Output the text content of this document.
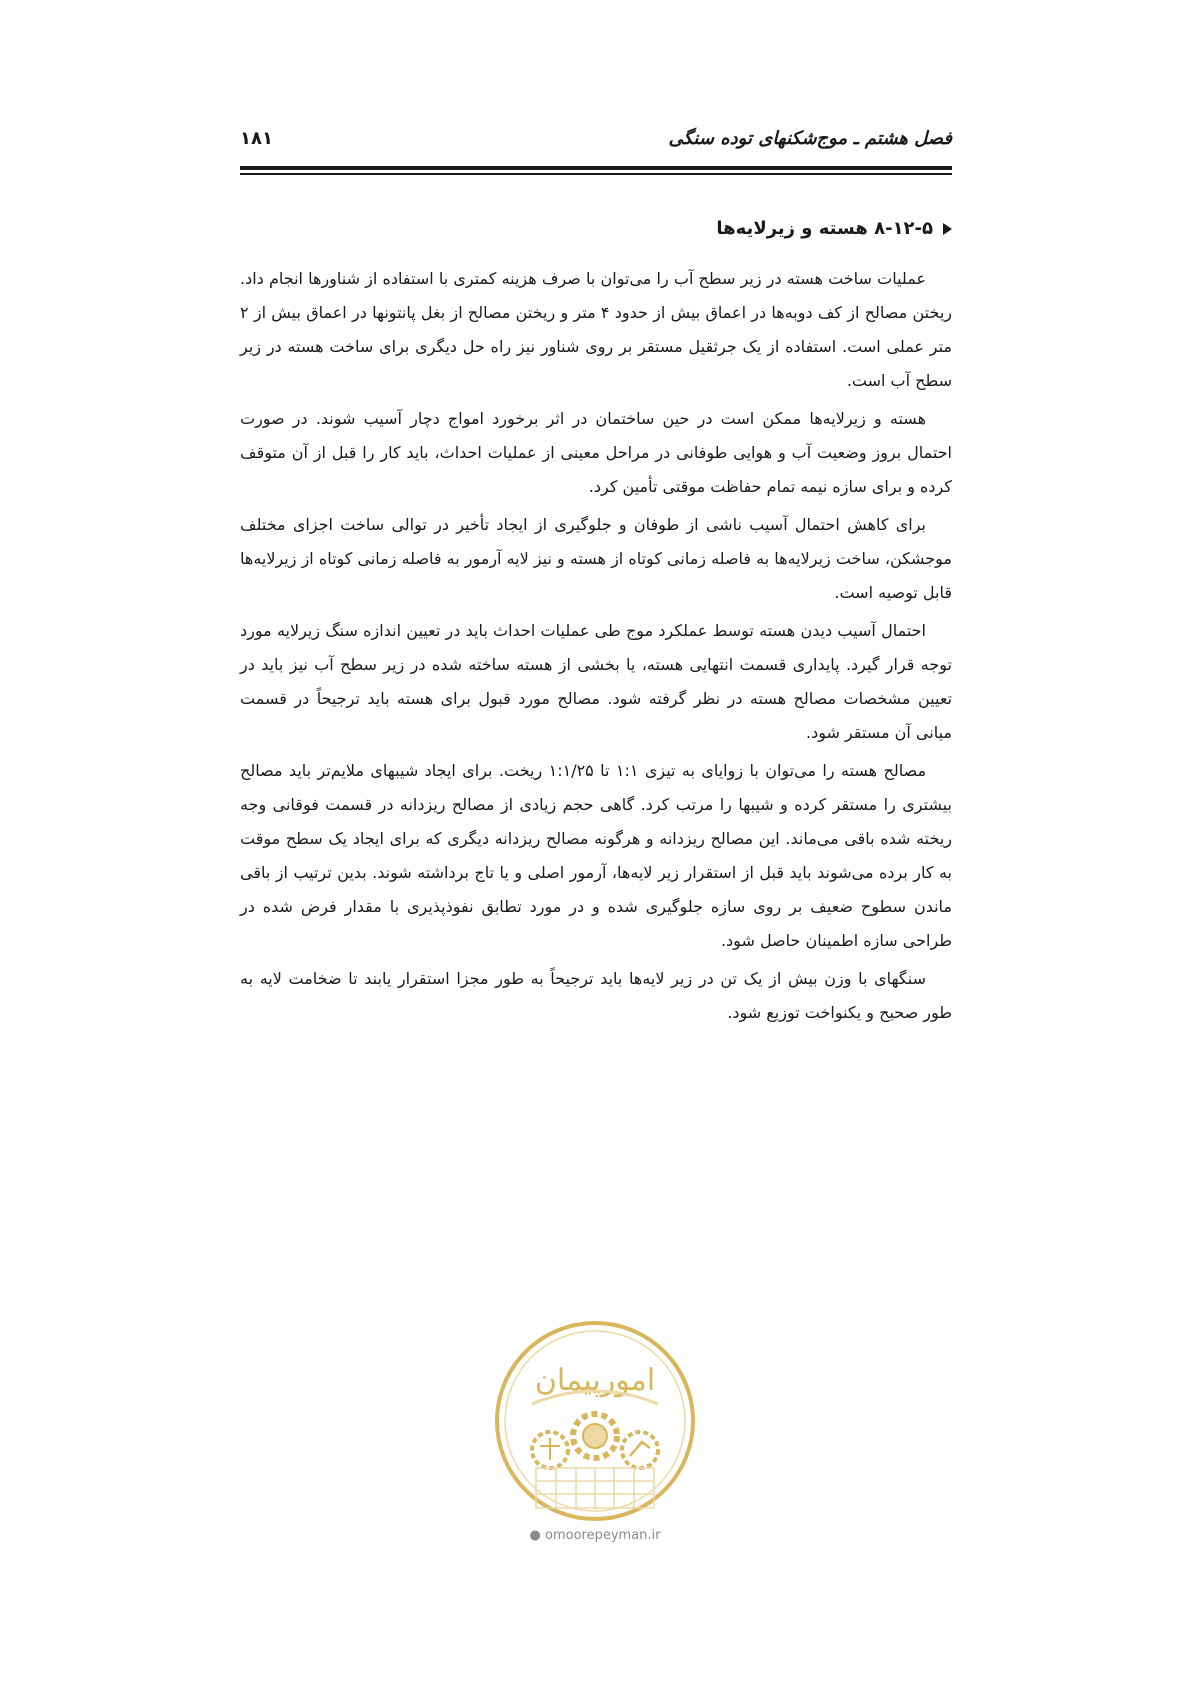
فصل هشتم ـ موج‌شکنهای توده سنگی
۱۸۱
۸-۱۲-۵ هسته و زیرلایه‌ها

عملیات ساخت هسته در زیر سطح آب را می‌توان با صرف هزینه کمتری با استفاده از شناورها انجام داد. ریختن مصالح از کف دوبه‌ها در اعماق بیش از حدود ۴ متر و ریختن مصالح از بغل پانتونها در اعماق بیش از ۲ متر عملی است. استفاده از یک جرثقیل مستقر بر روی شناور نیز راه حل دیگری برای ساخت هسته در زیر سطح آب است.

هسته و زیرلایه‌ها ممکن است در حین ساختمان در اثر برخورد امواج دچار آسیب شوند. در صورت احتمال بروز وضعیت آب و هوایی طوفانی در مراحل معینی از عملیات احداث، باید کار را قبل از آن متوقف کرده و برای سازه نیمه تمام حفاظت موقتی تأمین کرد.

برای کاهش احتمال آسیب ناشی از طوفان و جلوگیری از ایجاد تأخیر در توالی ساخت اجزای مختلف موجشکن، ساخت زیرلایه‌ها به فاصله زمانی کوتاه از هسته و نیز لایه آرمور به فاصله زمانی کوتاه از زیرلایه‌ها قابل توصیه است.

احتمال آسیب دیدن هسته توسط عملکرد موج طی عملیات احداث باید در تعیین اندازه سنگ زیرلایه مورد توجه قرار گیرد. پایداری قسمت انتهایی هسته، یا بخشی از هسته ساخته شده در زیر سطح آب نیز باید در تعیین مشخصات مصالح هسته در نظر گرفته شود. مصالح مورد قبول برای هسته باید ترجیحاً در قسمت میانی آن مستقر شود.

مصالح هسته را می‌توان با زوایای به تیزی ۱:۱ تا ۱:۱/۲۵ ریخت. برای ایجاد شیبهای ملایم‌تر باید مصالح بیشتری را مستقر کرده و شیبها را مرتب کرد. گاهی حجم زیادی از مصالح ریزدانه در قسمت فوقانی وجه ریخته شده باقی می‌ماند. این مصالح ریزدانه و هرگونه مصالح ریزدانه دیگری که برای ایجاد یک سطح موقت به کار برده می‌شوند باید قبل از استقرار زیر لایه‌ها، آرمور اصلی و یا تاج برداشته شوند. بدین ترتیب از باقی ماندن سطوح ضعیف بر روی سازه جلوگیری شده و در مورد تطابق نفوذپذیری با مقدار فرض شده در طراحی سازه اطمینان حاصل شود.

سنگهای با وزن بیش از یک تن در زیر لایه‌ها باید ترجیحاً به طور مجزا استقرار یابند تا ضخامت لایه به طور صحیح و یکنواخت توزیع شود.

امورپیمان
● omoorepeyman.ir
